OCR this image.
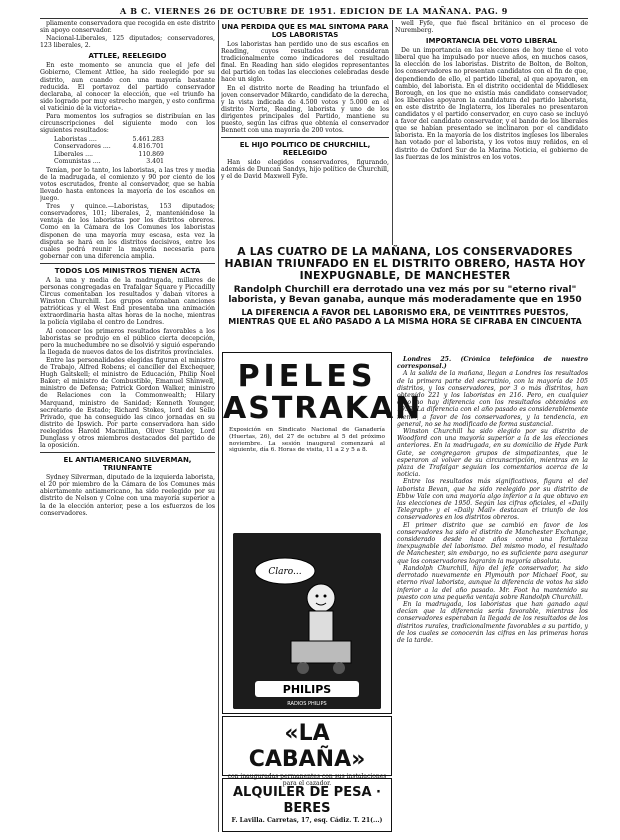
A B C. VIERNES 26 DE OCTUBRE DE 1951. EDICION DE LA MAÑANA. PAG. 9

pliamente conservadora que recogida en este distrito sin apoyo conservador.

Nacional-Liberales, 125 diputados; conservadores, 123 liberales, 2.

ATTLEE, REELEGIDO

En este momento se anuncia que el jefe del Gobierno, Clement Attlee, ha sido reelegido por su distrito, aun cuando con una mayoría bastante reducida. El portavoz del partido conservador declaraba, al conocer la elección, que «el triunfo ha sido logrado por muy estrecho margen, y esto confirma el vaticinio de la victoria».

Para momentos los sufragios se distribuían en las circunscripciones del siguiente modo con los siguientes resultados:

Laboristas ....	5.461.283
Conservadores ....	4.816.701
Liberales ....	110.869
Comunistas ....	3.401

Tenían, por lo tanto, los laboristas, a las tres y media de la madrugada, el comienzo y 90 por ciento de los votos escrutados, frente al conservador, que se había llevado hasta entonces la mayoría de los escaños en juego.

Tres y quince.—Laboristas, 153 diputados; conservadores, 101; liberales, 2, manteniéndose la ventaja de los laboristas por los distritos obreros. Como en la Cámara de los Comunes los laboristas disponen de una mayoría muy escasa, esta vez la disputa se hará en los distritos decisivos, entre los cuales podrá reunir la mayoría necesaria para gobernar con una diferencia amplia.

TODOS LOS MINISTROS TIENEN ACTA

A la una y media de la madrugada, millares de personas congregadas en Trafalgar Square y Piccadilly Circus comentaban los resultados y daban vítores a Winston Churchill. Los grupos entonaban canciones patrióticas y el West End presentaba una animación extraordinaria hasta altas horas de la noche, mientras la policía vigilaba el centro de Londres.

Al conocer los primeros resultados favorables a los laboristas se produjo en el público cierta decepción, pero la muchedumbre no se disolvió y siguió esperando la llegada de nuevos datos de los distritos provinciales.

Entre las personalidades elegidas figuran el ministro de Trabajo, Alfred Robens; el canciller del Exchequer, Hugh Gaitskell; el ministro de Educación, Philip Noel Baker; el ministro de Combustible, Emanuel Shinwell, ministro de Defensa; Patrick Gordon Walker, ministro de Relaciones con la Commonwealth; Hilary Marquand, ministro de Sanidad; Kenneth Younger, secretario de Estado; Richard Stokes, lord del Sello Privado, que ha conseguido las cinco jornadas en su distrito de Ipswich. Por parte conservadora han sido reelegidos Harold Macmillan, Oliver Stanley, Lord Dunglass y otros miembros destacados del partido de la oposición.

EL ANTIAMERICANO SILVERMAN, TRIUNFANTE

Sydney Silverman, diputado de la izquierda laborista, el 20 por miembro de la Cámara de los Comunes más abiertamente antiamericano, ha sido reelegido por su distrito de Nelson y Colne con una mayoría superior a la de la elección anterior, pese a los esfuerzos de los conservadores.

UNA PERDIDA QUE ES MAL SINTOMA PARA LOS LABORISTAS

Los laboristas han perdido uno de sus escaños en Reading, cuyos resultados se consideran tradicionalmente como indicadores del resultado final. En Reading han sido elegidos representantes del partido en todas las elecciones celebradas desde hace un siglo.

En el distrito norte de Reading ha triunfado el joven conservador Mikardo, candidato de la derecha, y la vista indicada de 4.500 votos y 5.000 en el distrito Norte, Reading, laborista y uno de los dirigentes principales del Partido, mantiene su puesto, según las cifras que obtenía el conservador Bennett con una mayoría de 200 votos.

EL HIJO POLITICO DE CHURCHILL, REELEGIDO

Han sido elegidos conservadores, figurando, además de Duncan Sandys, hijo político de Churchill, y el de David Maxwell Fyfe.

well Fyfe, que fué fiscal británico en el proceso de Nuremberg.

IMPORTANCIA DEL VOTO LIBERAL

De un importancia en las elecciones de hoy tiene el voto liberal que ha impulsado por nueve años, en muchos casos, la elección de los laboristas. Distrito de Bolton, de Bolton, los conservadores no presentan candidatos con el fin de que, dependiendo de ello, el partido liberal, al que apoyaron, en cambio, del laborista. En el distrito occidental de Middlesex Borough, en los que no existía más candidato conservador, los liberales apoyaron la candidatura del partido laborista, en este distrito de Inglaterra, los liberales no presentaron candidatos y el partido conservador, en cuyo caso se incluyó a favor del candidato conservador, y el bando de los liberales que se habían presentado se inclinaron por el candidato laborista. En la mayoría de los distritos ingleses los liberales han votado por el laborista, y los votos muy reñidos, en el distrito de Oxford Sur de la Marina Noticia, el gobierno de las fuerzas de los ministros en los votos.

A LAS CUATRO DE LA MAÑANA, LOS CONSERVADORES HABIAN TRIUNFADO EN EL DISTRITO OBRERO, HASTA HOY INEXPUGNABLE, DE MANCHESTER
Randolph Churchill era derrotado una vez más por su "eterno rival" laborista, y Bevan ganaba, aunque más moderadamente que en 1950
LA DIFERENCIA A FAVOR DEL LABORISMO ERA, DE VEINTITRES PUESTOS, MIENTRAS QUE EL AÑO PASADO A LA MISMA HORA SE CIFRABA EN CINCUENTA

Londres 25. (Crónica telefónica de nuestro corresponsal.)

A la salida de la mañana, llegan a Londres los resultados de la primera parte del escrutinio, con la mayoría de 105 distritos, y los conservadores, por 3 o más distritos, han obtenido 221 y los laboristas en 216. Pero, en cualquier caso no hay diferencia con los resultados obtenidos en 1950. La diferencia con el año pasado es considerablemente menor, a favor de los conservadores, y la tendencia, en general, no se ha modificado de forma sustancial.

Winston Churchill ha sido elegido por su distrito de Woodford con una mayoría superior a la de las elecciones anteriores. En la madrugada, en su domicilio de Hyde Park Gate, se congregaron grupos de simpatizantes, que le esperaron al volver de su circunscripción, mientras en la plaza de Trafalgar seguían los comentarios acerca de la noticia.

Entre los resultados más significativos, figura el del laborista Bevan, que ha sido reelegido por su distrito de Ebbw Vale con una mayoría algo inferior a la que obtuvo en las elecciones de 1950. Según las cifras oficiales, el «Daily Telegraph» y el «Daily Mail» destacan el triunfo de los conservadores en los distritos obreros.

El primer distrito que se cambió en favor de los conservadores ha sido el distrito de Manchester Exchange, considerado desde hace años como una fortaleza inexpugnable del laborismo. Del mismo modo, el resultado de Manchester, sin embargo, no es suficiente para asegurar que los conservadores lograrán la mayoría absoluta.

Randolph Churchill, hijo del jefe conservador, ha sido derrotado nuevamente en Plymouth por Michael Foot, su eterno rival laborista, aunque la diferencia de votos ha sido inferior a la del año pasado. Mr. Foot ha mantenido su puesto con una pequeña ventaja sobre Randolph Churchill.

En la madrugada, los laboristas que han ganado aquí decían que la diferencia sería favorable, mientras los conservadores esperaban la llegada de los resultados de los distritos rurales, tradicionalmente favorables a su partido, y de los cuales se conocerán las cifras en las primeras horas de la tarde.

PIELES
ASTRAKAN
Exposición en Sindicato Nacional de Ganadería (Huertas, 26), del 27 de octubre al 5 del próximo noviembre. La sesión inaugural comenzará al siguiente, día 6. Horas de visita, 11 a 2 y 5 a 8.
Claro...
PHILIPS
RADIOS PHILIPS
«LA CABAÑA»
con inauguradas permanentes con sus instalaciones para el cazador.
ALQUILER DE PESA · BERES
F. Lavilla. Carretas, 17, esq. Cádiz. T. 21(...)
